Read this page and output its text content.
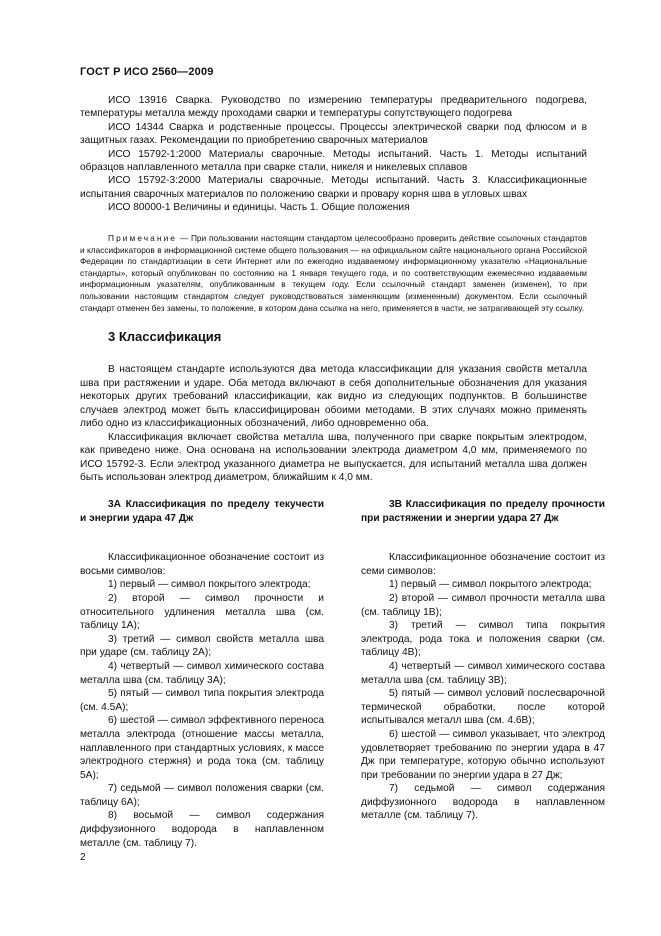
ГОСТ Р ИСО 2560—2009

ИСО 13916 Сварка. Руководство по измерению температуры предварительного подогрева, температуры металла между проходами сварки и температуры сопутствующего подогрева

ИСО 14344 Сварка и родственные процессы. Процессы электрической сварки под флюсом и в защитных газах. Рекомендации по приобретению сварочных материалов

ИСО 15792-1:2000 Материалы сварочные. Методы испытаний. Часть 1. Методы испытаний образцов наплавленного металла при сварке стали, никеля и никелевых сплавов

ИСО 15792-3:2000 Материалы сварочные. Методы испытаний. Часть 3. Классификационные испытания сварочных материалов по положению сварки и провару корня шва в угловых швах

ИСО 80000-1 Величины и единицы. Часть 1. Общие положения

Примечание — При пользовании настоящим стандартом целесообразно проверить действие ссылочных стандартов и классификаторов в информационной системе общего пользования — на официальном сайте национального органа Российской Федерации по стандартизации в сети Интернет или по ежегодно издаваемому информационному указателю «Национальные стандарты», который опубликован по состоянию на 1 января текущего года, и по соответствующим ежемесячно издаваемым информационным указателям, опубликованным в текущем году. Если ссылочный стандарт заменен (изменен), то при пользовании настоящим стандартом следует руководствоваться заменяющим (измененным) документом. Если ссылочный стандарт отменен без замены, то положение, в котором дана ссылка на него, применяется в части, не затрагивающей эту ссылку.

3 Классификация

В настоящем стандарте используются два метода классификации для указания свойств металла шва при растяжении и ударе. Оба метода включают в себя дополнительные обозначения для указания некоторых других требований классификации, как видно из следующих подпунктов. В большинстве случаев электрод может быть классифицирован обоими методами. В этих случаях можно применять либо одно из классификационных обозначений, либо одновременно оба.

Классификация включает свойства металла шва, полученного при сварке покрытым электродом, как приведено ниже. Она основана на использовании электрода диаметром 4,0 мм, применяемого по ИСО 15792-3. Если электрод указанного диаметра не выпускается, для испытаний металла шва должен быть использован электрод диаметром, ближайшим к 4,0 мм.

3А Классификация по пределу текучести и энергии удара 47 Дж

Классификационное обозначение состоит из восьми символов:

1) первый — символ покрытого электрода;

2) второй — символ прочности и относительного удлинения металла шва (см. таблицу 1А);

3) третий — символ свойств металла шва при ударе (см. таблицу 2А);

4) четвертый — символ химического состава металла шва (см. таблицу 3А);

5) пятый — символ типа покрытия электрода (см. 4.5А);

6) шестой — символ эффективного переноса металла электрода (отношение массы металла, наплавленного при стандартных условиях, к массе электродного стержня) и рода тока (см. таблицу 5А);

7) седьмой — символ положения сварки (см. таблицу 6А);

8) восьмой — символ содержания диффузионного водорода в наплавленном металле (см. таблицу 7).

3В Классификация по пределу прочности при растяжении и энергии удара 27 Дж

Классификационное обозначение состоит из семи символов:

1) первый — символ покрытого электрода;

2) второй — символ прочности металла шва (см. таблицу 1В);

3) третий — символ типа покрытия электрода, рода тока и положения сварки (см. таблицу 4В);

4) четвертый — символ химического состава металла шва (см. таблицу 3В);

5) пятый — символ условий послесварочной термической обработки, после которой испытывался металл шва (см. 4.6В);

6) шестой — символ указывает, что электрод удовлетворяет требованию по энергии удара в 47 Дж при температуре, которую обычно используют при требовании по энергии удара в 27 Дж;

7) седьмой — символ содержания диффузионного водорода в наплавленном металле (см. таблицу 7).

2
